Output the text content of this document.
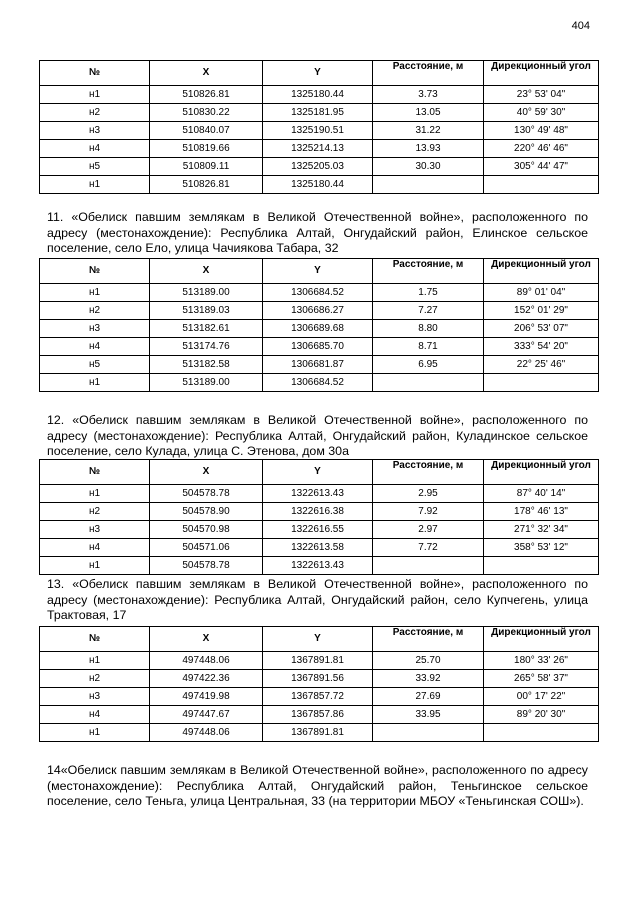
404
№	X	Y	Расстояние, м	Дирекционный угол
н1	510826.81	1325180.44	3.73	23° 53' 04"
н2	510830.22	1325181.95	13.05	40° 59' 30"
н3	510840.07	1325190.51	31.22	130° 49' 48"
н4	510819.66	1325214.13	13.93	220° 46' 46"
н5	510809.11	1325205.03	30.30	305° 44' 47"
н1	510826.81	1325180.44		
11. «Обелиск павшим землякам в Великой Отечественной войне», расположенного по адресу (местонахождение): Республика Алтай, Онгудайский район, Елинское сельское поселение, село Ело, улица Чачиякова Табара, 32
№	X	Y	Расстояние, м	Дирекционный угол
н1	513189.00	1306684.52	1.75	89° 01' 04"
н2	513189.03	1306686.27	7.27	152° 01' 29"
н3	513182.61	1306689.68	8.80	206° 53' 07"
н4	513174.76	1306685.70	8.71	333° 54' 20"
н5	513182.58	1306681.87	6.95	22° 25' 46"
н1	513189.00	1306684.52		
12. «Обелиск павшим землякам в Великой Отечественной войне», расположенного по адресу (местонахождение): Республика Алтай, Онгудайский район, Куладинское сельское поселение, село Кулада, улица С. Этенова, дом 30а
№	X	Y	Расстояние, м	Дирекционный угол
н1	504578.78	1322613.43	2.95	87° 40' 14"
н2	504578.90	1322616.38	7.92	178° 46' 13"
н3	504570.98	1322616.55	2.97	271° 32' 34"
н4	504571.06	1322613.58	7.72	358° 53' 12"
н1	504578.78	1322613.43		
13. «Обелиск павшим землякам в Великой Отечественной войне», расположенного по адресу (местонахождение): Республика Алтай, Онгудайский район, село Купчегень, улица Трактовая, 17
№	X	Y	Расстояние, м	Дирекционный угол
н1	497448.06	1367891.81	25.70	180° 33' 26"
н2	497422.36	1367891.56	33.92	265° 58' 37"
н3	497419.98	1367857.72	27.69	00° 17' 22"
н4	497447.67	1367857.86	33.95	89° 20' 30"
н1	497448.06	1367891.81		
14«Обелиск павшим землякам в Великой Отечественной войне», расположенного по адресу (местонахождение): Республика Алтай, Онгудайский район, Теньгинское сельское поселение, село Теньга, улица Центральная, 33 (на территории МБОУ «Теньгинская СОШ»).
